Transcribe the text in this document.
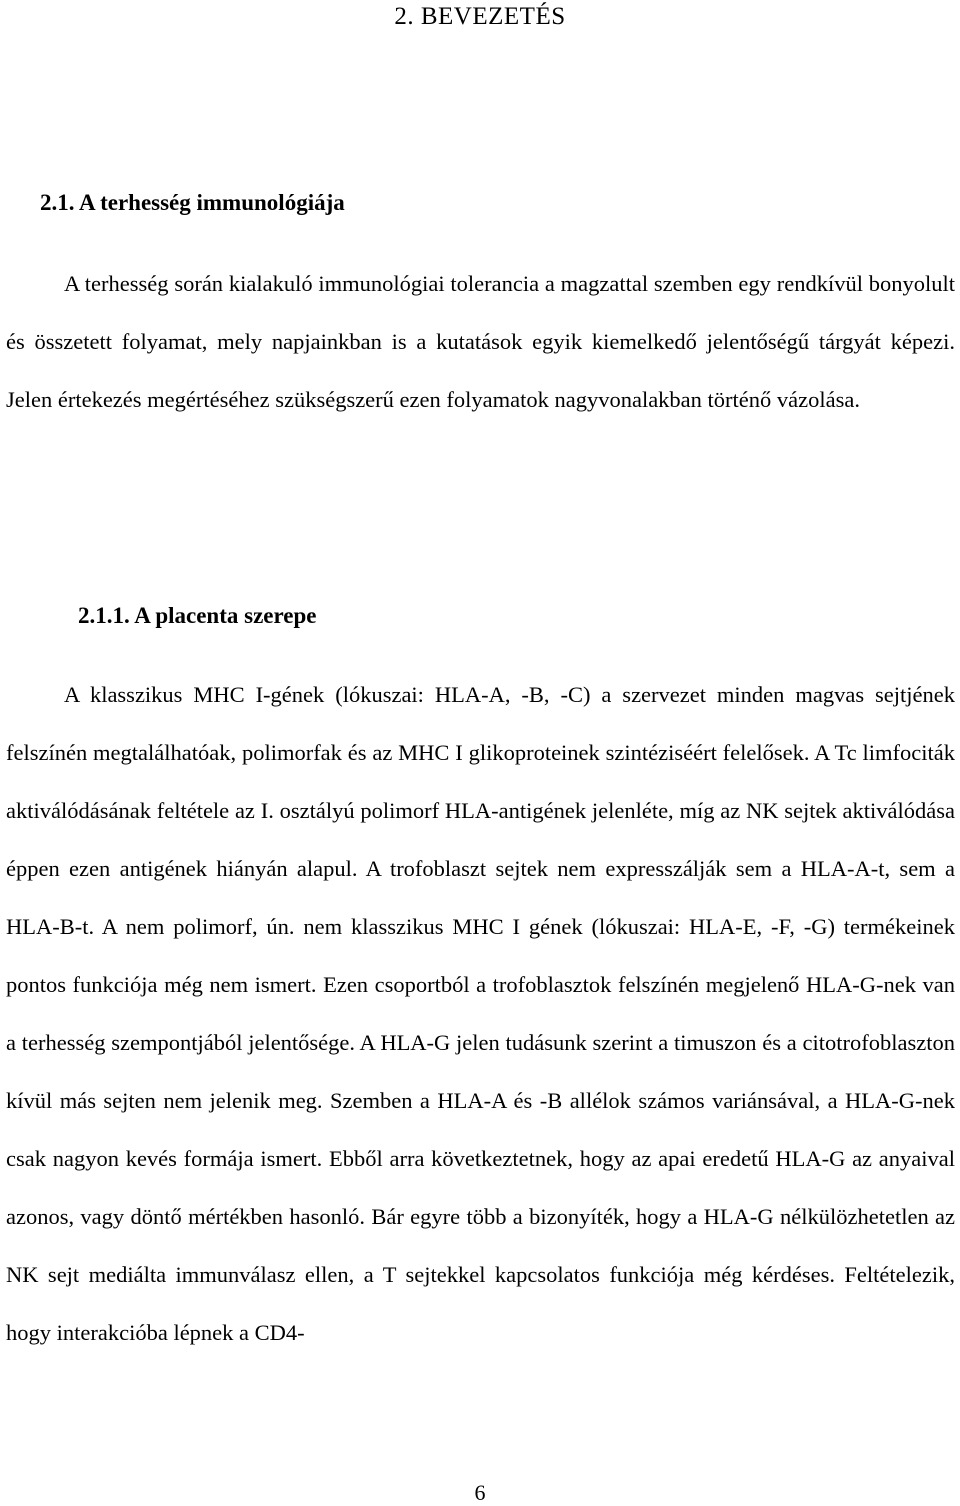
2. BEVEZETÉS
2.1. A terhesség immunológiája

A terhesség során kialakuló immunológiai tolerancia a magzattal szemben egy rendkívül bonyolult és összetett folyamat, mely napjainkban is a kutatások egyik kiemelkedő jelentőségű tárgyát képezi. Jelen értekezés megértéséhez szükségszerű ezen folyamatok nagyvonalakban történő vázolása.

2.1.1. A placenta szerepe

A klasszikus MHC I-gének (lókuszai: HLA-A, -B, -C) a szervezet minden magvas sejtjének felszínén megtalálhatóak, polimorfak és az MHC I glikoproteinek szintéziséért felelősek. A Tc limfociták aktiválódásának feltétele az I. osztályú polimorf HLA-antigének jelenléte, míg az NK sejtek aktiválódása éppen ezen antigének hiányán alapul. A trofoblaszt sejtek nem expresszálják sem a HLA-A-t, sem a HLA-B-t. A nem polimorf, ún. nem klasszikus MHC I gének (lókuszai: HLA-E, -F, -G) termékeinek pontos funkciója még nem ismert. Ezen csoportból a trofoblasztok felszínén megjelenő HLA-G-nek van a terhesség szempontjából jelentősége. A HLA-G jelen tudásunk szerint a timuszon és a citotrofoblaszton kívül más sejten nem jelenik meg. Szemben a HLA-A és -B allélok számos variánsával, a HLA-G-nek csak nagyon kevés formája ismert. Ebből arra következtetnek, hogy az apai eredetű HLA-G az anyaival azonos, vagy döntő mértékben hasonló. Bár egyre több a bizonyíték, hogy a HLA-G nélkülözhetetlen az NK sejt mediálta immunválasz ellen, a T sejtekkel kapcsolatos funkciója még kérdéses. Feltételezik, hogy interakcióba lépnek a CD4-

6
